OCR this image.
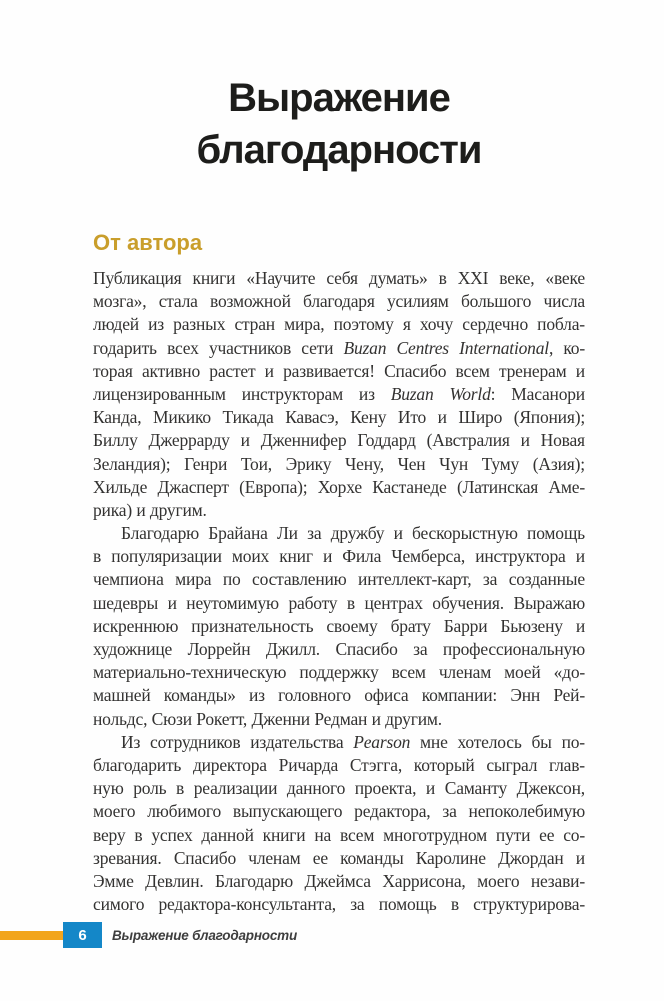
Выражение
благодарности
От автора
Публикация книги «Научите себя думать» в XXI веке, «веке
мозга», стала возможной благодаря усилиям большого числа
людей из разных стран мира, поэтому я хочу сердечно побла-
годарить всех участников сети Buzan Centres International, ко-
торая активно растет и развивается! Спасибо всем тренерам и
лицензированным инструкторам из Buzan World: Масанори
Канда, Микико Тикада Кавасэ, Кену Ито и Широ (Япония);
Биллу Джеррарду и Дженнифер Годдард (Австралия и Новая
Зеландия); Генри Тои, Эрику Чену, Чен Чун Туму (Азия);
Хильде Джасперт (Европа); Хорхе Кастанеде (Латинская Аме-
рика) и другим.
Благодарю Брайана Ли за дружбу и бескорыстную помощь
в популяризации моих книг и Фила Чемберса, инструктора и
чемпиона мира по составлению интеллект-карт, за созданные
шедевры и неутомимую работу в центрах обучения. Выражаю
искреннюю признательность своему брату Барри Бьюзену и
художнице Лоррейн Джилл. Спасибо за профессиональную
материально-техническую поддержку всем членам моей «до-
машней команды» из головного офиса компании: Энн Рей-
нольдс, Сюзи Рокетт, Дженни Редман и другим.
Из сотрудников издательства Pearson мне хотелось бы по-
благодарить директора Ричарда Стэгга, который сыграл глав-
ную роль в реализации данного проекта, и Саманту Джексон,
моего любимого выпускающего редактора, за непоколебимую
веру в успех данной книги на всем многотрудном пути ее со-
зревания. Спасибо членам ее команды Каролине Джордан и
Эмме Девлин. Благодарю Джеймса Харрисона, моего незави-
симого редактора-консультанта, за помощь в структурирова-
6 Выражение благодарности
